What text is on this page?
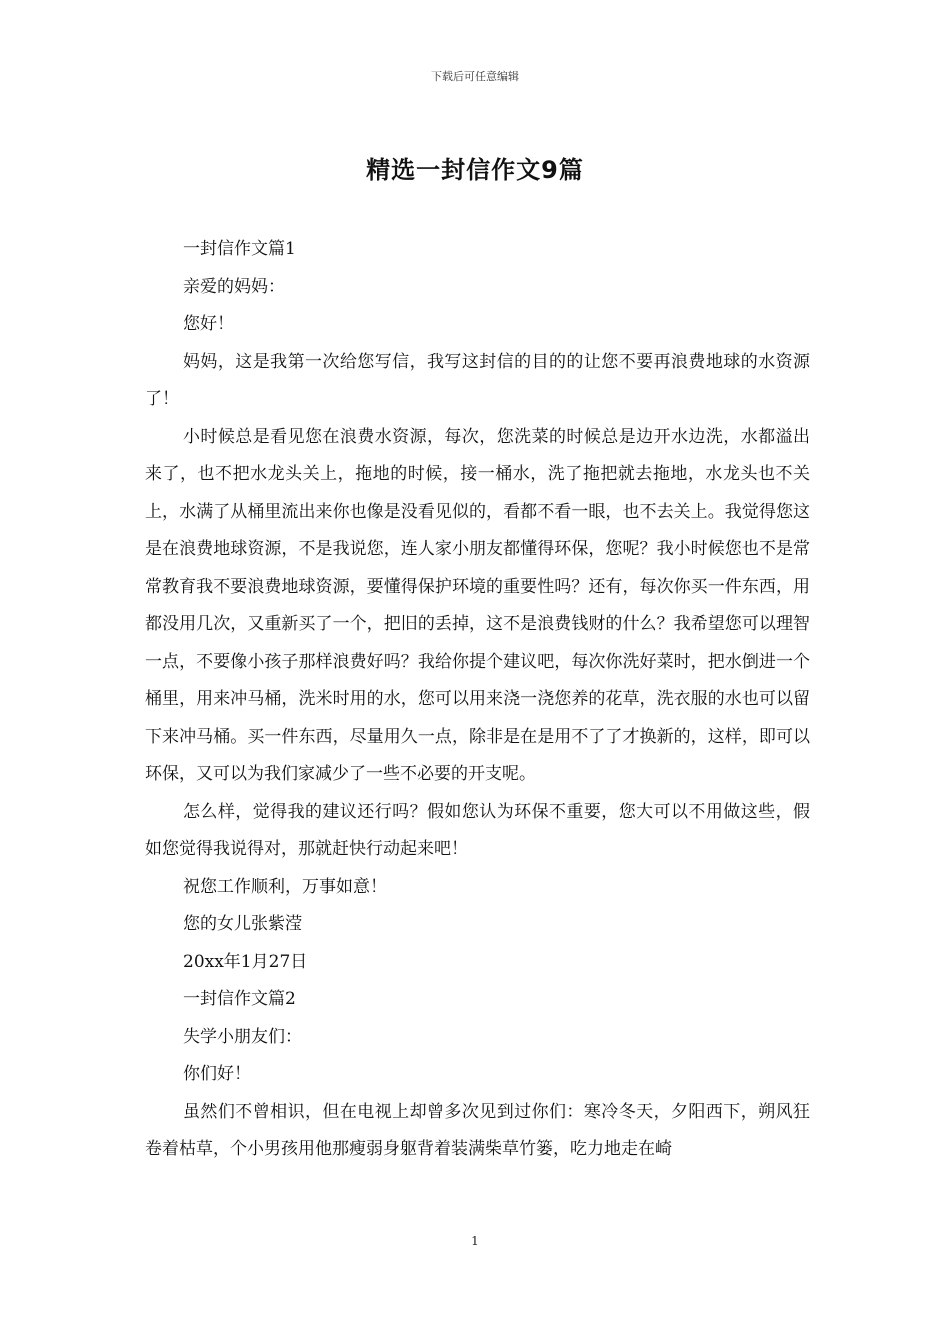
下载后可任意编辑
精选一封信作文9篇

一封信作文篇1

亲爱的妈妈：

您好！

妈妈，这是我第一次给您写信，我写这封信的目的的让您不要再浪费地球的水资源了！

小时候总是看见您在浪费水资源，每次，您洗菜的时候总是边开水边洗，水都溢出来了，也不把水龙头关上，拖地的时候，接一桶水，洗了拖把就去拖地，水龙头也不关上，水满了从桶里流出来你也像是没看见似的，看都不看一眼，也不去关上。我觉得您这是在浪费地球资源，不是我说您，连人家小朋友都懂得环保，您呢？我小时候您也不是常常教育我不要浪费地球资源，要懂得保护环境的重要性吗？还有，每次你买一件东西，用都没用几次，又重新买了一个，把旧的丢掉，这不是浪费钱财的什么？我希望您可以理智一点，不要像小孩子那样浪费好吗？我给你提个建议吧，每次你洗好菜时，把水倒进一个桶里，用来冲马桶，洗米时用的水，您可以用来浇一浇您养的花草，洗衣服的水也可以留下来冲马桶。买一件东西，尽量用久一点，除非是在是用不了了才换新的，这样，即可以环保，又可以为我们家减少了一些不必要的开支呢。

怎么样，觉得我的建议还行吗？假如您认为环保不重要，您大可以不用做这些，假如您觉得我说得对，那就赶快行动起来吧！

祝您工作顺利，万事如意！

您的女儿张紫滢

20xx年1月27日

一封信作文篇2

失学小朋友们：

你们好！

虽然们不曾相识，但在电视上却曾多次见到过你们：寒冷冬天，夕阳西下，朔风狂卷着枯草，个小男孩用他那瘦弱身躯背着装满柴草竹篓，吃力地走在崎

1
